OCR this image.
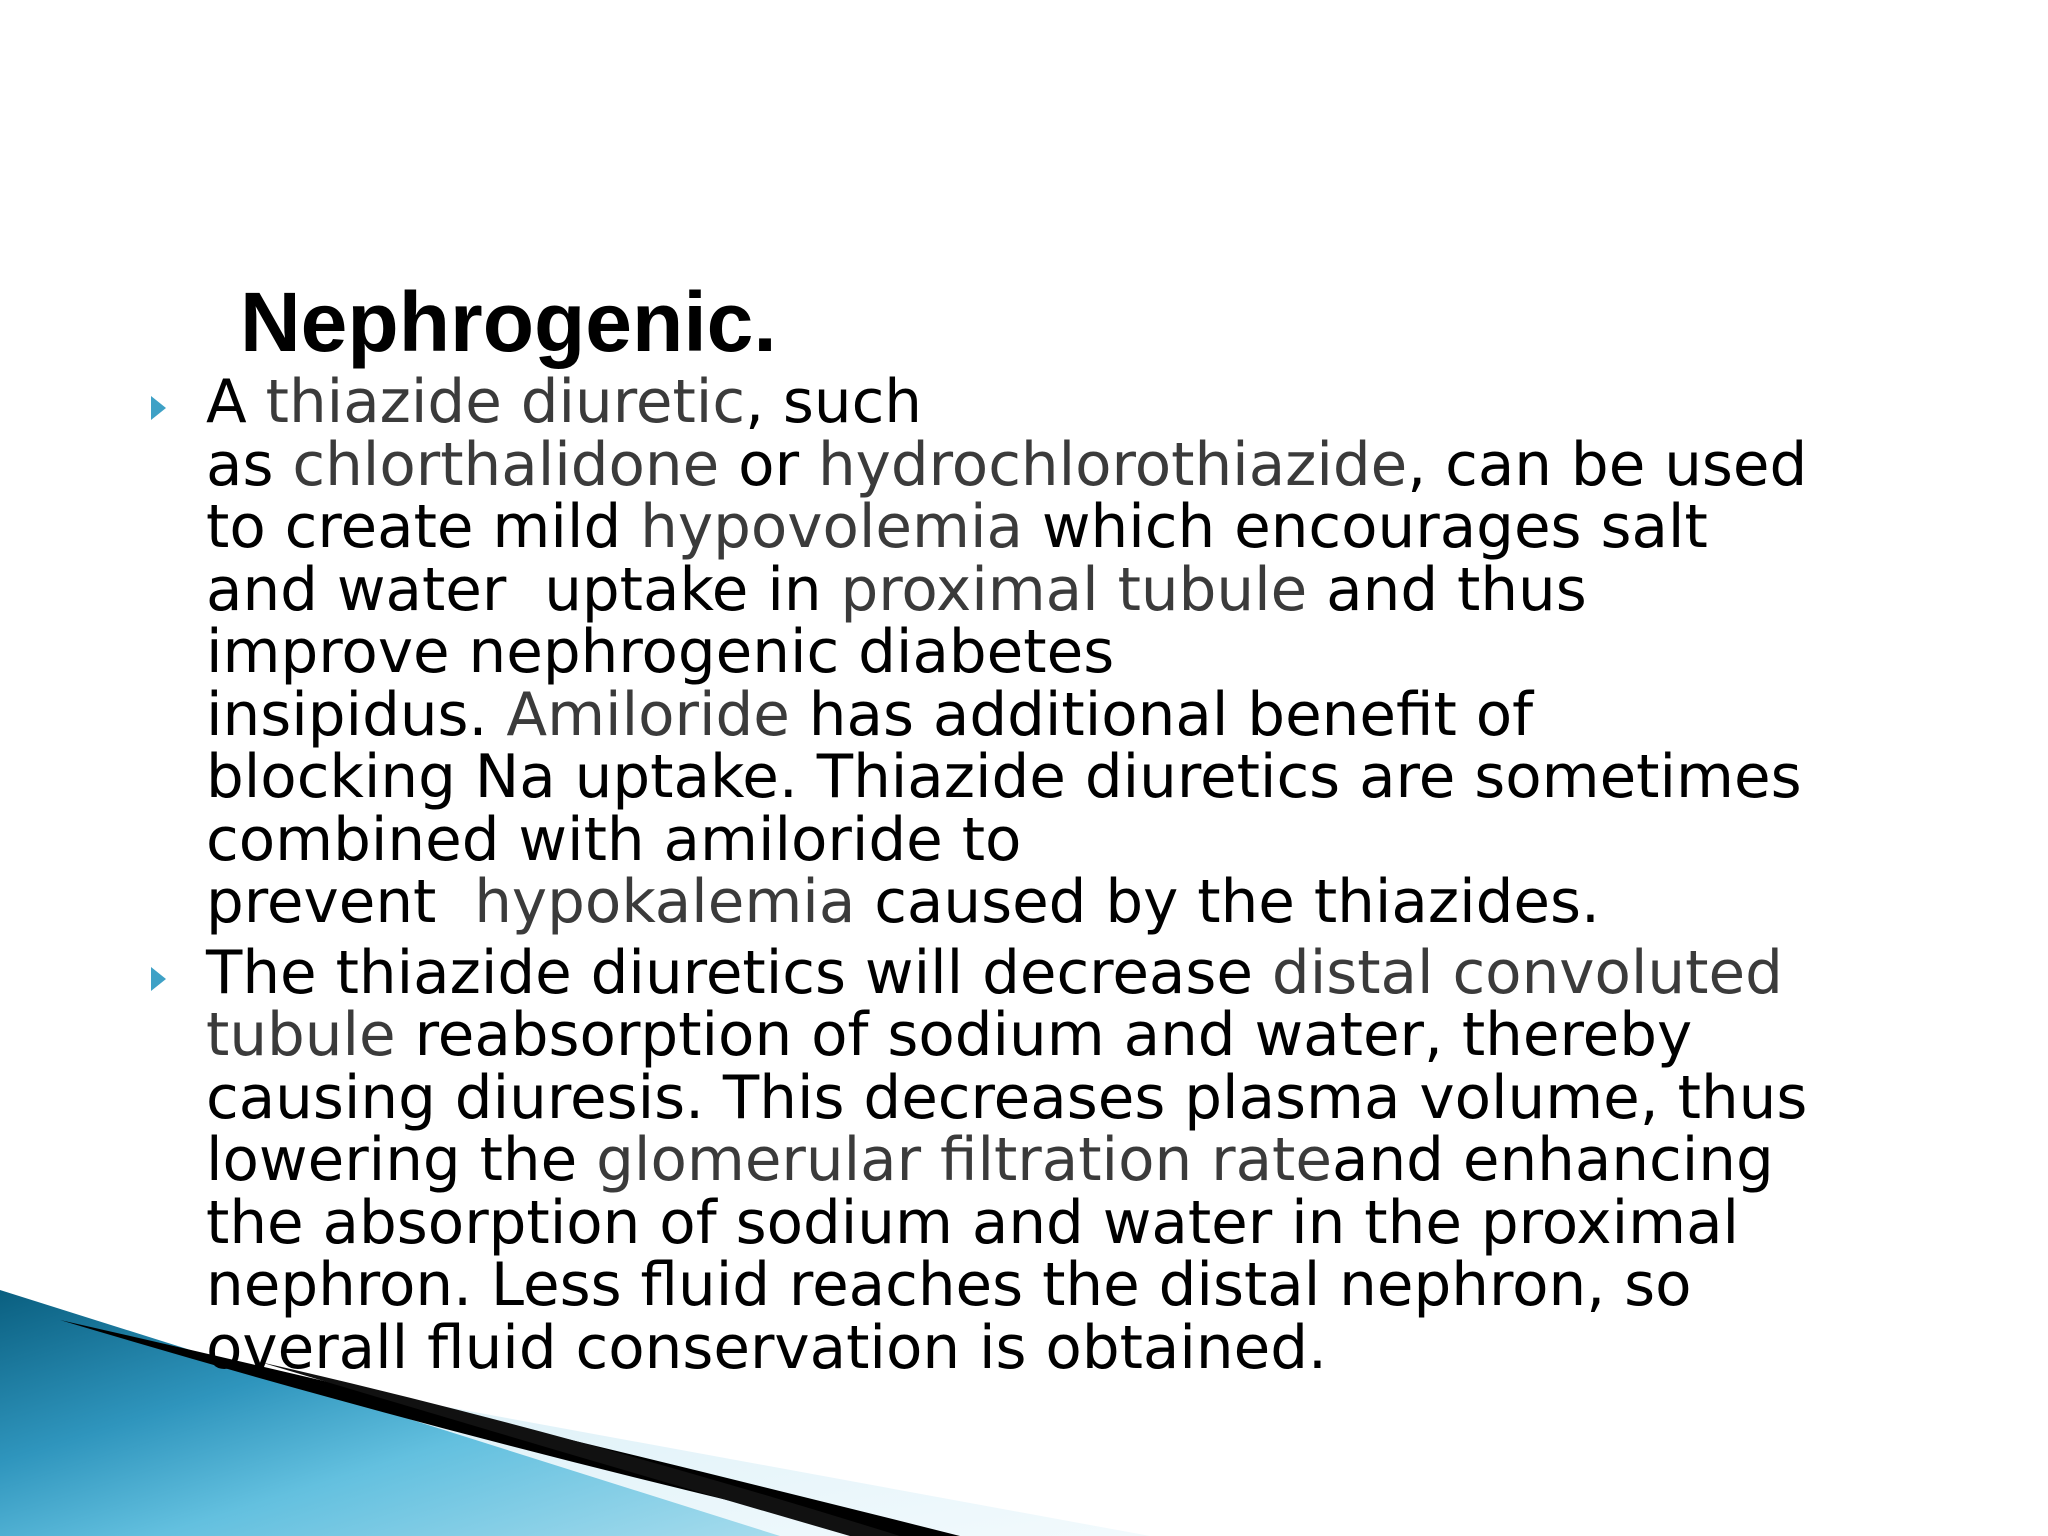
Nephrogenic.
A thiazide diuretic, such
as chlorthalidone or hydrochlorothiazide, can be used
to create mild hypovolemia which encourages salt
and water  uptake in proximal tubule and thus
improve nephrogenic diabetes
insipidus. Amiloride has additional benefit of
blocking Na uptake. Thiazide diuretics are sometimes
combined with amiloride to
prevent  hypokalemia caused by the thiazides.
The thiazide diuretics will decrease distal convoluted
tubule reabsorption of sodium and water, thereby
causing diuresis. This decreases plasma volume, thus
lowering the glomerular filtration rateand enhancing
the absorption of sodium and water in the proximal
nephron. Less fluid reaches the distal nephron, so
overall fluid conservation is obtained.
